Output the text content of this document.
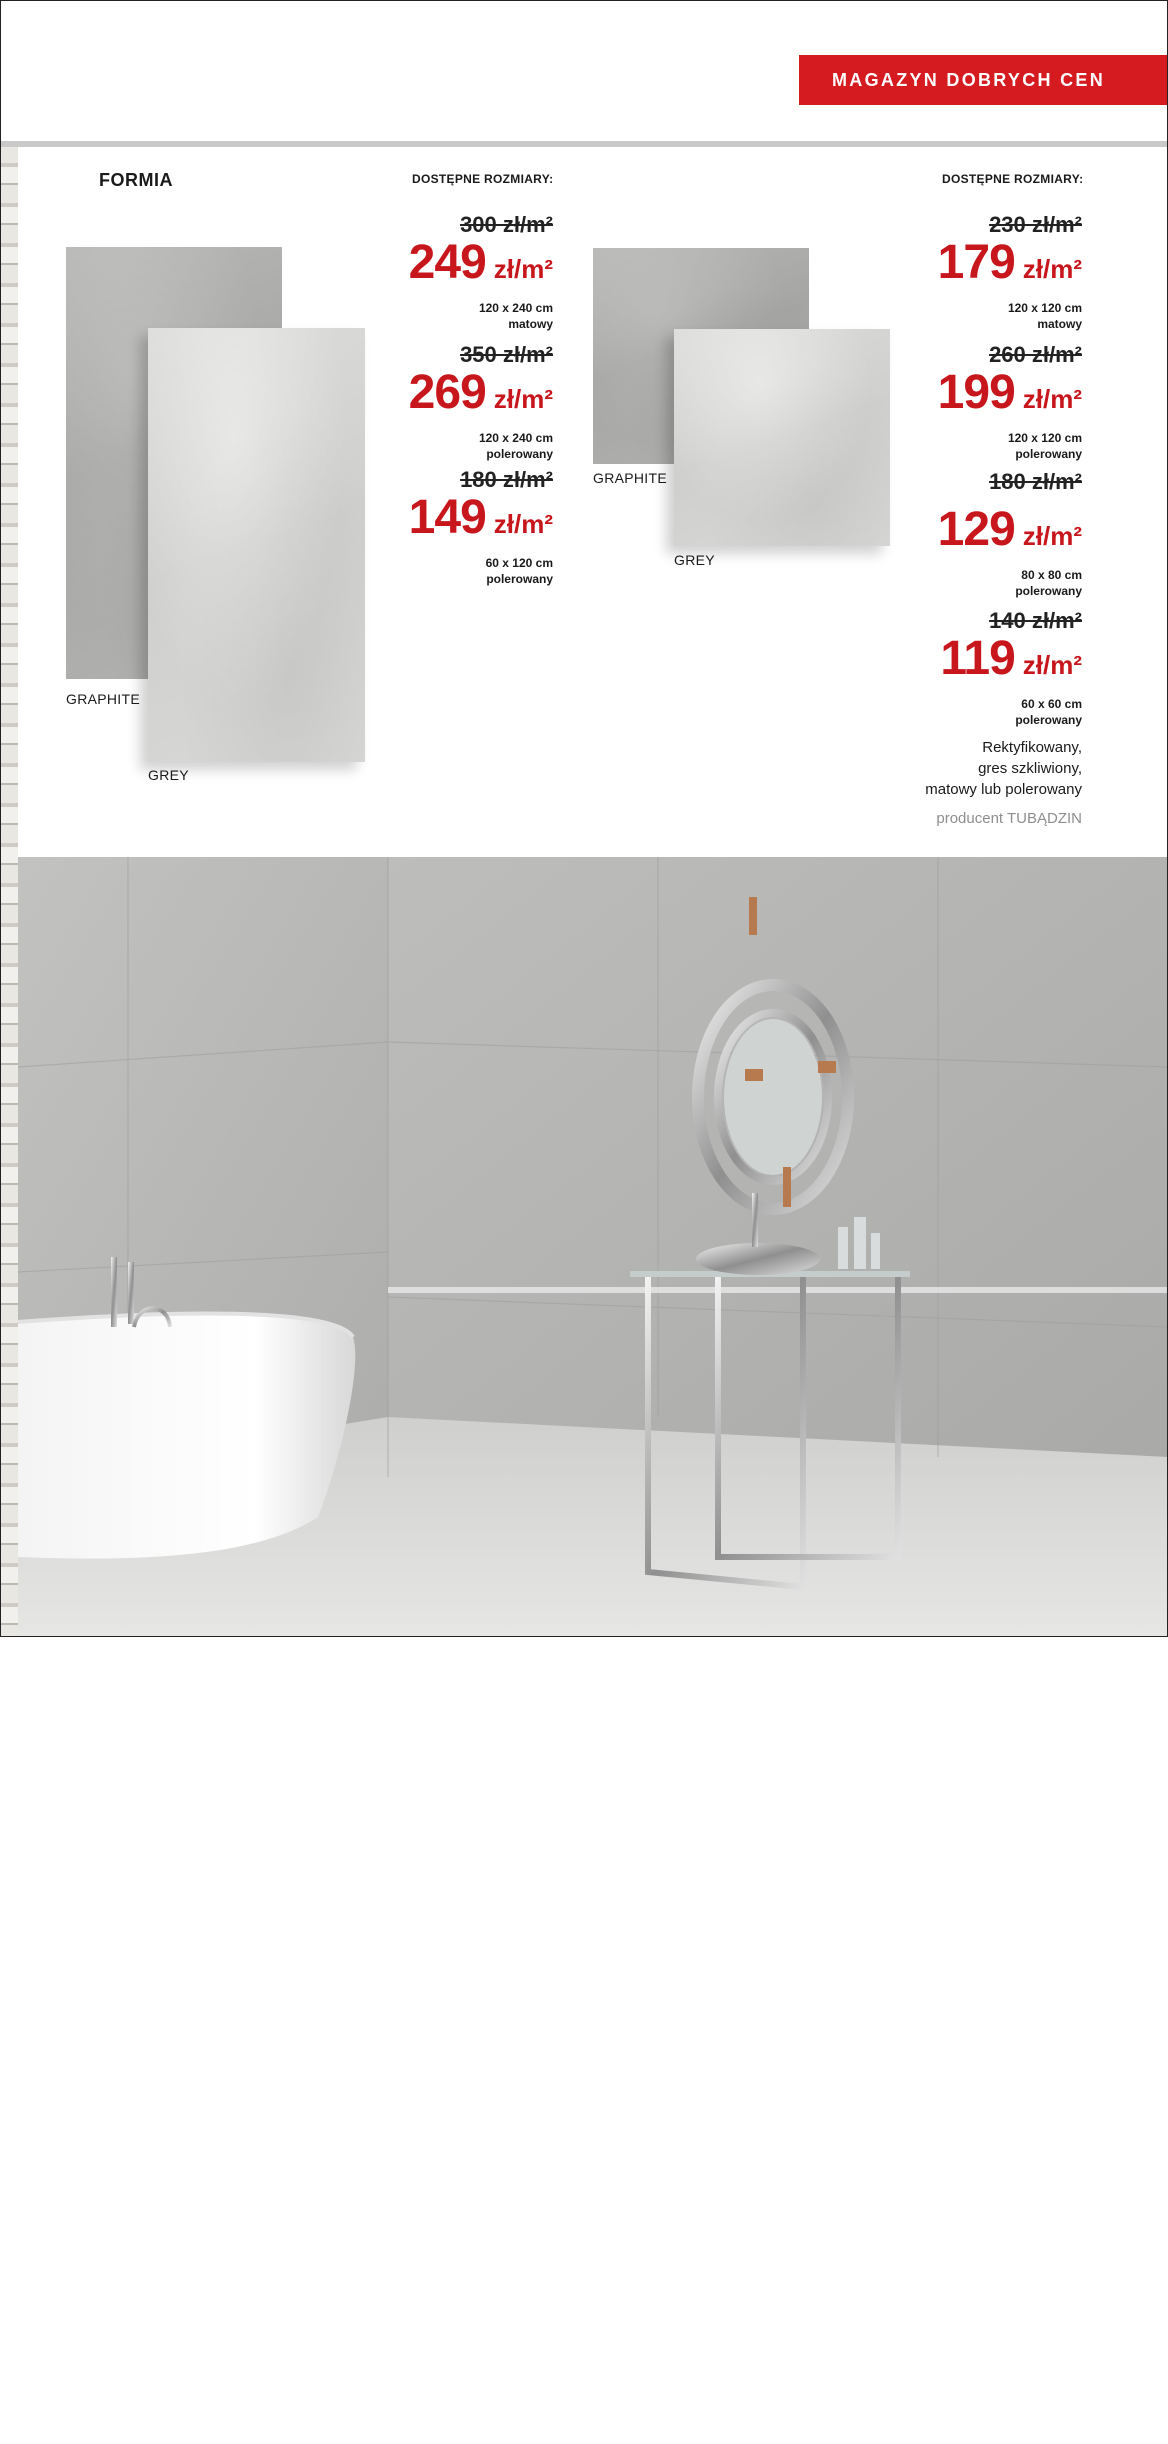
MAGAZYN DOBRYCH CEN
FORMIA	DOSTĘPNE ROZMIARY:
GRAPHITE
GREY
300 zł/m²
249 zł/m²
120 x 240 cm
matowy
350 zł/m²
269 zł/m²
120 x 240 cm
polerowany
180 zł/m²
149 zł/m²
60 x 120 cm
polerowany
DOSTĘPNE ROZMIARY:
GRAPHITE
GREY
230 zł/m²
179 zł/m²
120 x 120 cm
matowy
260 zł/m²
199 zł/m²
120 x 120 cm
polerowany
180 zł/m²
129 zł/m²
80 x 80 cm
polerowany
140 zł/m²
119 zł/m²
60 x 60 cm
polerowany
Rektyfikowany,
gres szkliwiony,
matowy lub polerowany
producent TUBĄDZIN
45
